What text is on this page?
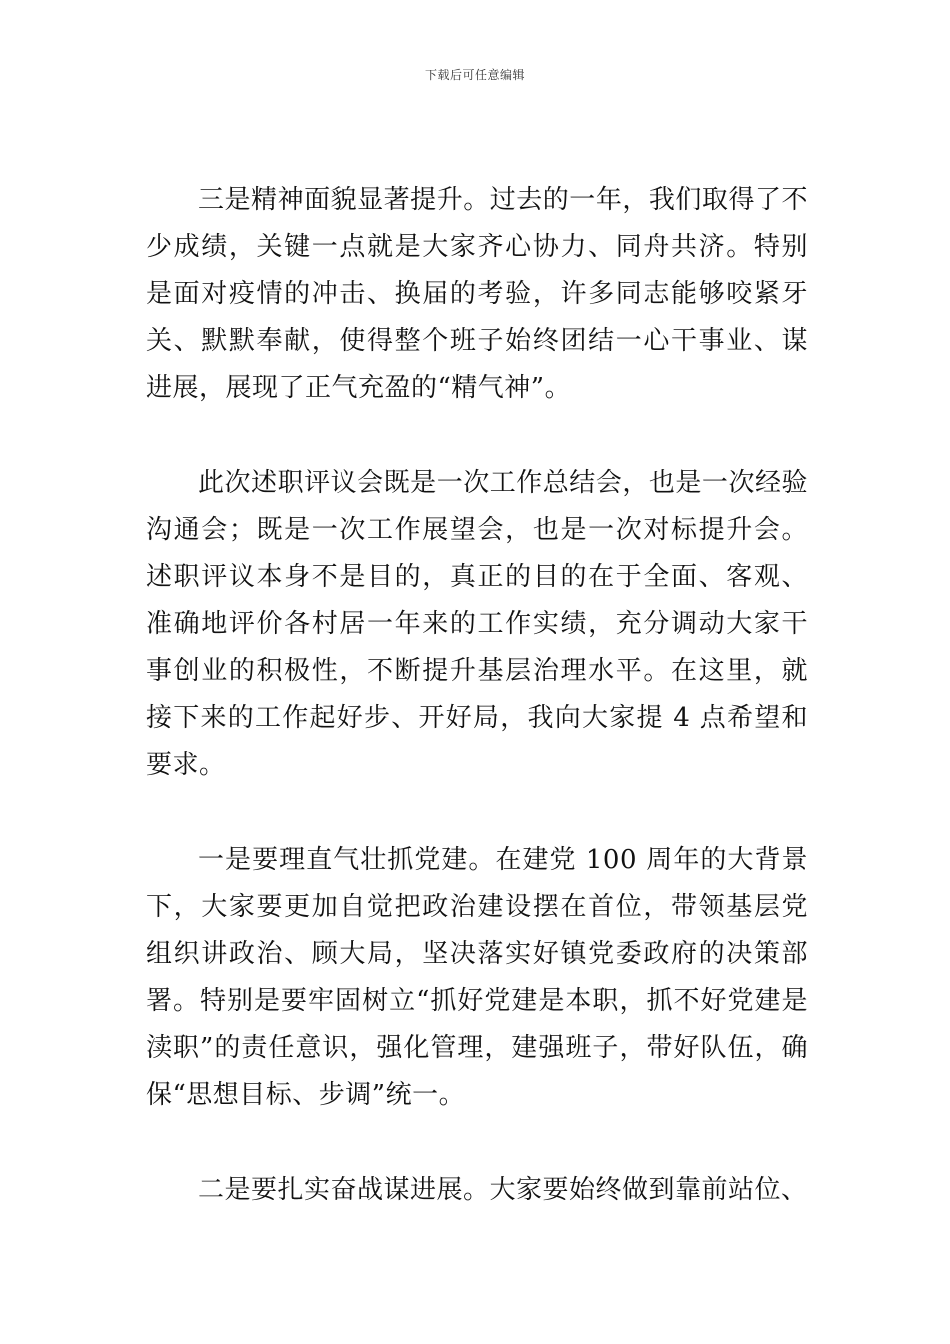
下载后可任意编辑

三是精神面貌显著提升。过去的一年，我们取得了不少成绩，关键一点就是大家齐心协力、同舟共济。特别是面对疫情的冲击、换届的考验，许多同志能够咬紧牙关、默默奉献，使得整个班子始终团结一心干事业、谋进展，展现了正气充盈的“精气神”。

此次述职评议会既是一次工作总结会，也是一次经验沟通会；既是一次工作展望会，也是一次对标提升会。述职评议本身不是目的，真正的目的在于全面、客观、准确地评价各村居一年来的工作实绩，充分调动大家干事创业的积极性，不断提升基层治理水平。在这里，就接下来的工作起好步、开好局，我向大家提 4 点希望和要求。

一是要理直气壮抓党建。在建党 100 周年的大背景下，大家要更加自觉把政治建设摆在首位，带领基层党组织讲政治、顾大局，坚决落实好镇党委政府的决策部署。特别是要牢固树立“抓好党建是本职，抓不好党建是渎职”的责任意识，强化管理，建强班子，带好队伍，确保“思想目标、步调”统一。

二是要扎实奋战谋进展。大家要始终做到靠前站位、
